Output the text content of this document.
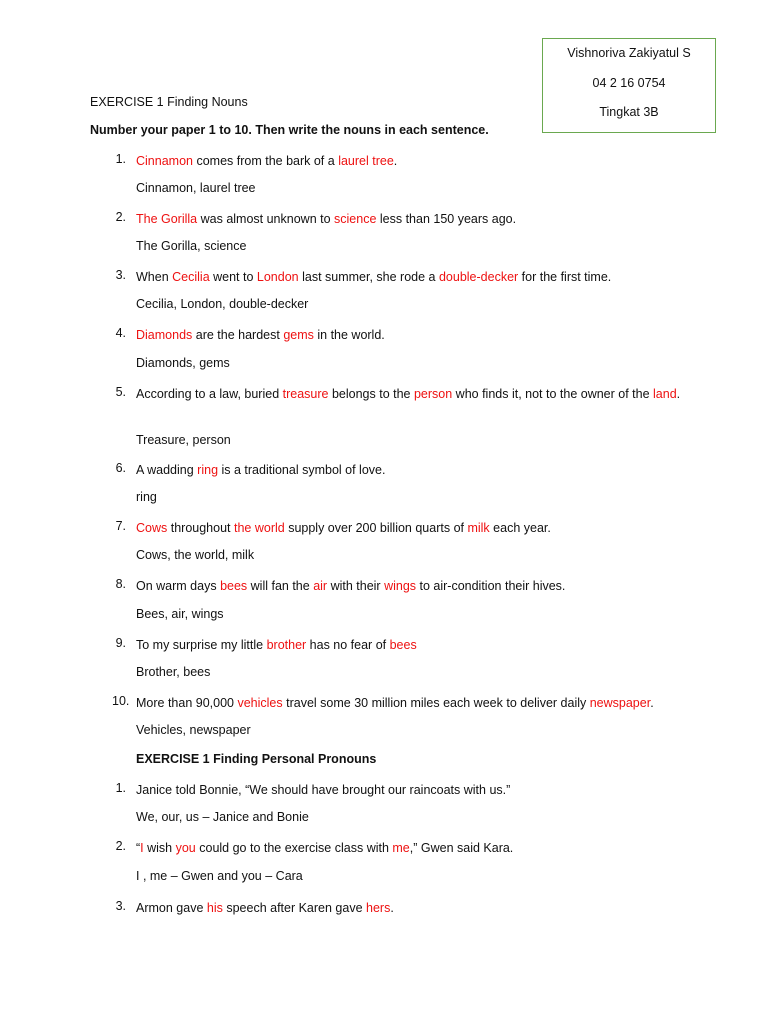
Vishnoriva Zakiyatul S
04 2 16 0754
Tingkat 3B
EXERCISE 1 Finding Nouns
Number your paper 1 to 10. Then write the nouns in each sentence.
1. Cinnamon comes from the bark of a laurel tree.
Cinnamon, laurel tree
2. The Gorilla was almost unknown to science less than 150 years ago.
The Gorilla, science
3. When Cecilia went to London last summer, she rode a double-decker for the first time.
Cecilia, London, double-decker
4. Diamonds are the hardest gems in the world.
Diamonds, gems
5. According to a law, buried treasure belongs to the person who finds it, not to the owner of the land.
Treasure, person
6. A wadding ring is a traditional symbol of love.
ring
7. Cows throughout the world supply over 200 billion quarts of milk each year.
Cows, the world, milk
8. On warm days bees will fan the air with their wings to air-condition their hives.
Bees, air, wings
9. To my surprise my little brother has no fear of bees
Brother, bees
10. More than 90,000 vehicles travel some 30 million miles each week to deliver daily newspaper.
Vehicles, newspaper
EXERCISE 1 Finding Personal Pronouns
1. Janice told Bonnie, “We should have brought our raincoats with us.”
We, our, us – Janice and Bonie
2. “I wish you could go to the exercise class with me,” Gwen said Kara.
I , me – Gwen and you – Cara
3. Armon gave his speech after Karen gave hers.
